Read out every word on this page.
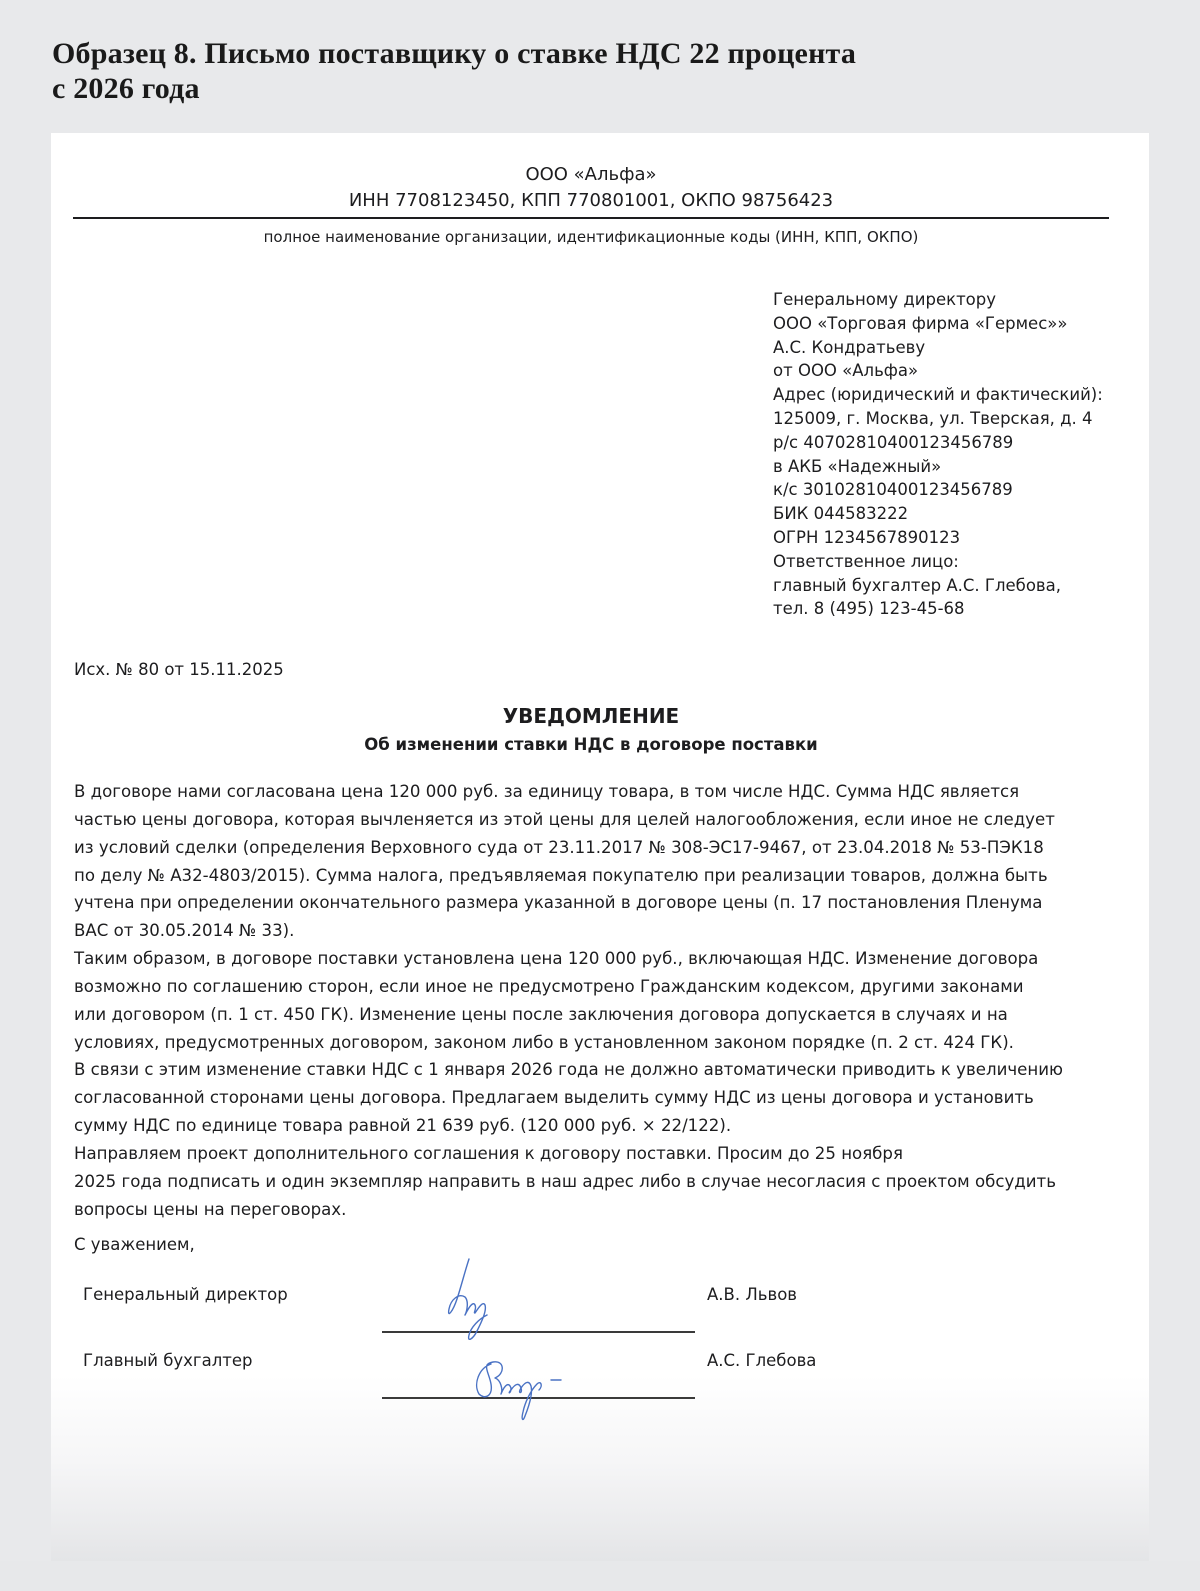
Образец 8. Письмо поставщику о ставке НДС 22 процента
с 2026 года
ООО «Альфа»
ИНН 7708123450, КПП 770801001, ОКПО 98756423
полное наименование организации, идентификационные коды (ИНН, КПП, ОКПО)
Генеральному директору
ООО «Торговая фирма «Гермес»»
А.С. Кондратьеву
от ООО «Альфа»
Адрес (юридический и фактический):
125009, г. Москва, ул. Тверская, д. 4
р/с 40702810400123456789
в АКБ «Надежный»
к/с 30102810400123456789
БИК 044583222
ОГРН 1234567890123
Ответственное лицо:
главный бухгалтер А.С. Глебова,
тел. 8 (495) 123-45-68
Исх. № 80 от 15.11.2025
УВЕДОМЛЕНИЕ
Об изменении ставки НДС в договоре поставки
В договоре нами согласована цена 120 000 руб. за единицу товара, в том числе НДС. Сумма НДС является
частью цены договора, которая вычленяется из этой цены для целей налогообложения, если иное не следует
из условий сделки (определения Верховного суда от 23.11.2017 № 308-ЭС17-9467, от 23.04.2018 № 53-ПЭК18
по делу № А32-4803/2015). Сумма налога, предъявляемая покупателю при реализации товаров, должна быть
учтена при определении окончательного размера указанной в договоре цены (п. 17 постановления Пленума
ВАС от 30.05.2014 № 33).
Таким образом, в договоре поставки установлена цена 120 000 руб., включающая НДС. Изменение договора
возможно по соглашению сторон, если иное не предусмотрено Гражданским кодексом, другими законами
или договором (п. 1 ст. 450 ГК). Изменение цены после заключения договора допускается в случаях и на
условиях, предусмотренных договором, законом либо в установленном законом порядке (п. 2 ст. 424 ГК).
В связи с этим изменение ставки НДС с 1 января 2026 года не должно автоматически приводить к увеличению
согласованной сторонами цены договора. Предлагаем выделить сумму НДС из цены договора и установить
сумму НДС по единице товара равной 21 639 руб. (120 000 руб. × 22/122).
Направляем проект дополнительного соглашения к договору поставки. Просим до 25 ноября
2025 года подписать и один экземпляр направить в наш адрес либо в случае несогласия с проектом обсудить
вопросы цены на переговорах.
С уважением,
Генеральный директор	А.В. Львов
Главный бухгалтер	А.С. Глебова
